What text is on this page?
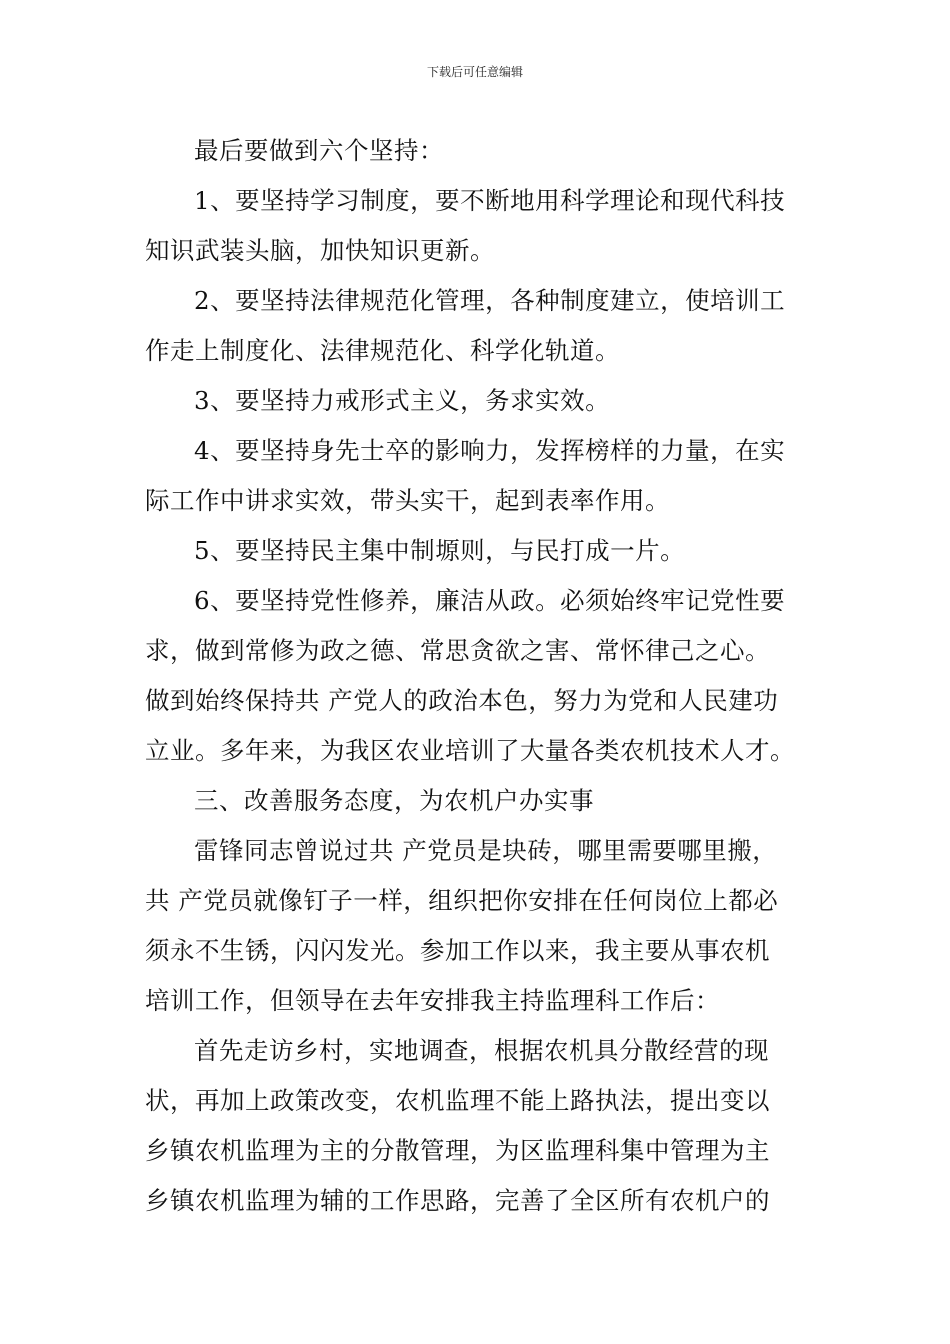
下载后可任意编辑
最后要做到六个坚持：
1、要坚持学习制度，要不断地用科学理论和现代科技
知识武装头脑，加快知识更新。
2、要坚持法律规范化管理，各种制度建立，使培训工
作走上制度化、法律规范化、科学化轨道。
3、要坚持力戒形式主义，务求实效。
4、要坚持身先士卒的影响力，发挥榜样的力量，在实
际工作中讲求实效，带头实干，起到表率作用。
5、要坚持民主集中制塬则，与民打成一片。
6、要坚持党性修养，廉洁从政。必须始终牢记党性要
求，做到常修为政之德、常思贪欲之害、常怀律己之心。
做到始终保持共 产党人的政治本色，努力为党和人民建功
立业。多年来，为我区农业培训了大量各类农机技术人才。
三、改善服务态度，为农机户办实事
雷锋同志曾说过共 产党员是块砖，哪里需要哪里搬，
共 产党员就像钉子一样，组织把你安排在任何岗位上都必
须永不生锈，闪闪发光。参加工作以来，我主要从事农机
培训工作，但领导在去年安排我主持监理科工作后：
首先走访乡村，实地调查，根据农机具分散经营的现
状，再加上政策改变，农机监理不能上路执法，提出变以
乡镇农机监理为主的分散管理，为区监理科集中管理为主
乡镇农机监理为辅的工作思路，完善了全区所有农机户的
